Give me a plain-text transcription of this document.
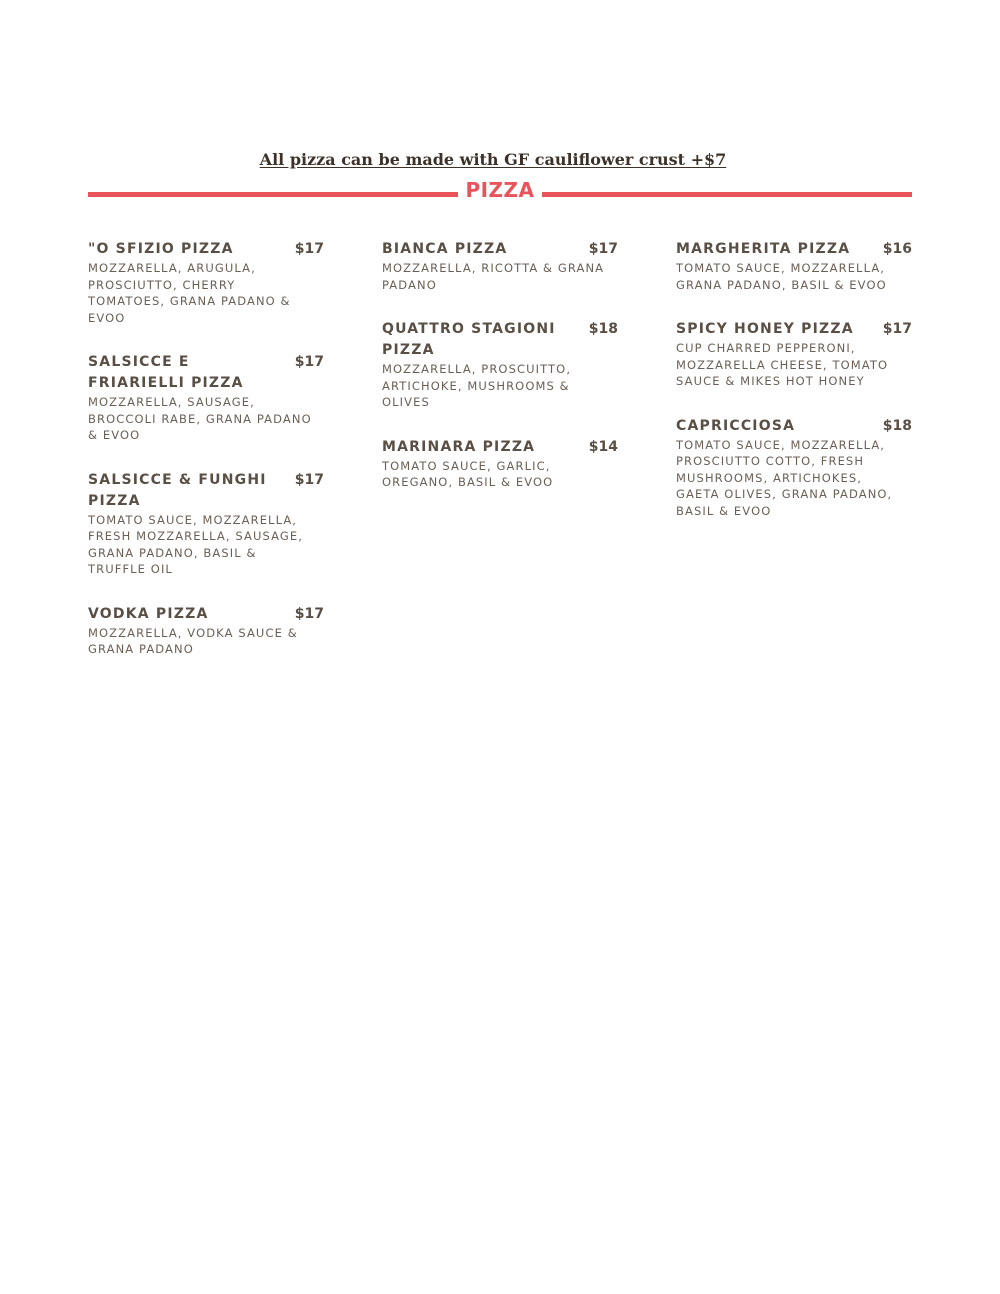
All pizza can be made with GF cauliflower crust +$7
PIZZA
"O SFIZIO PIZZA	$17
MOZZARELLA, ARUGULA, PROSCIUTTO, CHERRY TOMATOES, GRANA PADANO & EVOO
SALSICCE E FRIARIELLI PIZZA
$17
MOZZARELLA, SAUSAGE, BROCCOLI RABE, GRANA PADANO & EVOO
SALSICCE & FUNGHI PIZZA
$17
TOMATO SAUCE, MOZZARELLA, FRESH MOZZARELLA, SAUSAGE, GRANA PADANO, BASIL & TRUFFLE OIL
VODKA PIZZA	$17
MOZZARELLA, VODKA SAUCE & GRANA PADANO
BIANCA PIZZA	$17
MOZZARELLA, RICOTTA & GRANA PADANO
QUATTRO STAGIONI PIZZA
$18
MOZZARELLA, PROSCUITTO, ARTICHOKE, MUSHROOMS & OLIVES
MARINARA PIZZA	$14
TOMATO SAUCE, GARLIC, OREGANO, BASIL & EVOO
MARGHERITA PIZZA $16
TOMATO SAUCE, MOZZARELLA, GRANA PADANO, BASIL & EVOO
SPICY HONEY PIZZA $17
CUP CHARRED PEPPERONI, MOZZARELLA CHEESE, TOMATO SAUCE & MIKES HOT HONEY
CAPRICCIOSA	$18
TOMATO SAUCE, MOZZARELLA, PROSCIUTTO COTTO, FRESH MUSHROOMS, ARTICHOKES, GAETA OLIVES, GRANA PADANO, BASIL & EVOO
